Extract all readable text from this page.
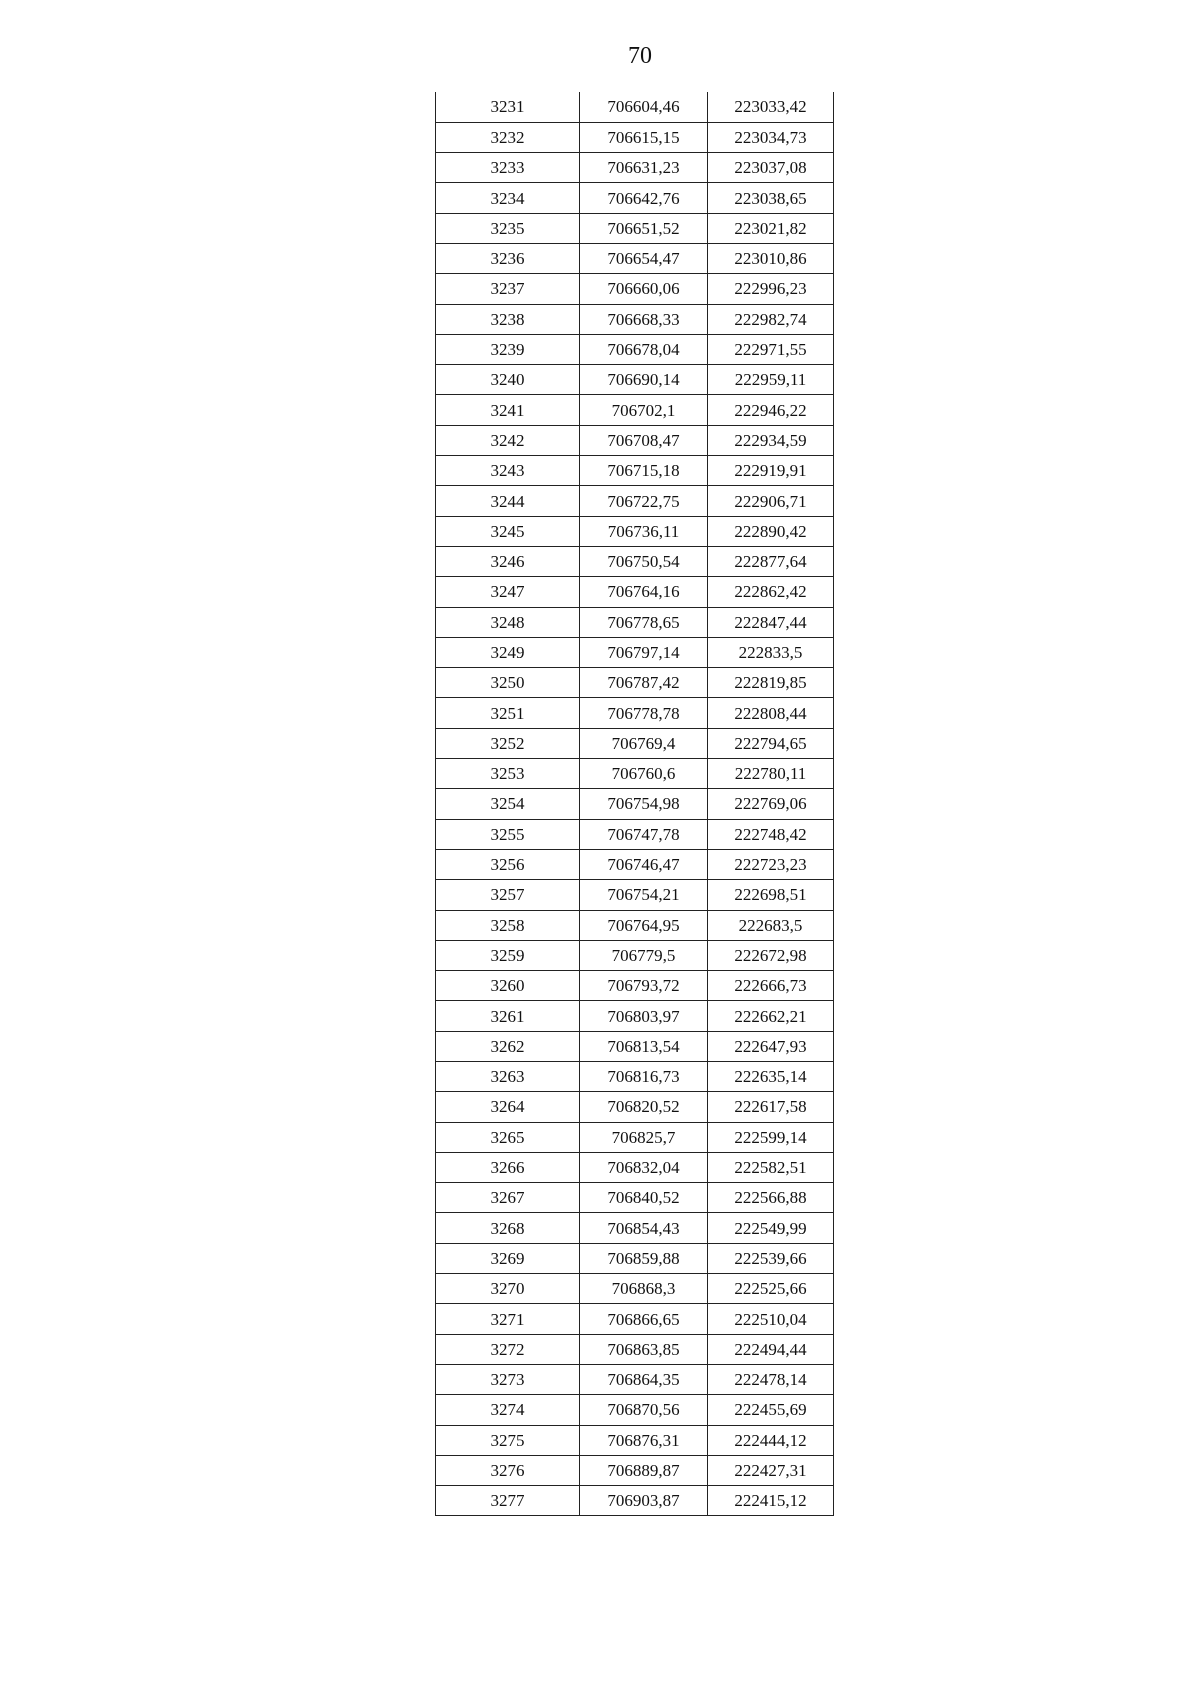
70
3231	706604,46	223033,42
3232	706615,15	223034,73
3233	706631,23	223037,08
3234	706642,76	223038,65
3235	706651,52	223021,82
3236	706654,47	223010,86
3237	706660,06	222996,23
3238	706668,33	222982,74
3239	706678,04	222971,55
3240	706690,14	222959,11
3241	706702,1	222946,22
3242	706708,47	222934,59
3243	706715,18	222919,91
3244	706722,75	222906,71
3245	706736,11	222890,42
3246	706750,54	222877,64
3247	706764,16	222862,42
3248	706778,65	222847,44
3249	706797,14	222833,5
3250	706787,42	222819,85
3251	706778,78	222808,44
3252	706769,4	222794,65
3253	706760,6	222780,11
3254	706754,98	222769,06
3255	706747,78	222748,42
3256	706746,47	222723,23
3257	706754,21	222698,51
3258	706764,95	222683,5
3259	706779,5	222672,98
3260	706793,72	222666,73
3261	706803,97	222662,21
3262	706813,54	222647,93
3263	706816,73	222635,14
3264	706820,52	222617,58
3265	706825,7	222599,14
3266	706832,04	222582,51
3267	706840,52	222566,88
3268	706854,43	222549,99
3269	706859,88	222539,66
3270	706868,3	222525,66
3271	706866,65	222510,04
3272	706863,85	222494,44
3273	706864,35	222478,14
3274	706870,56	222455,69
3275	706876,31	222444,12
3276	706889,87	222427,31
3277	706903,87	222415,12
